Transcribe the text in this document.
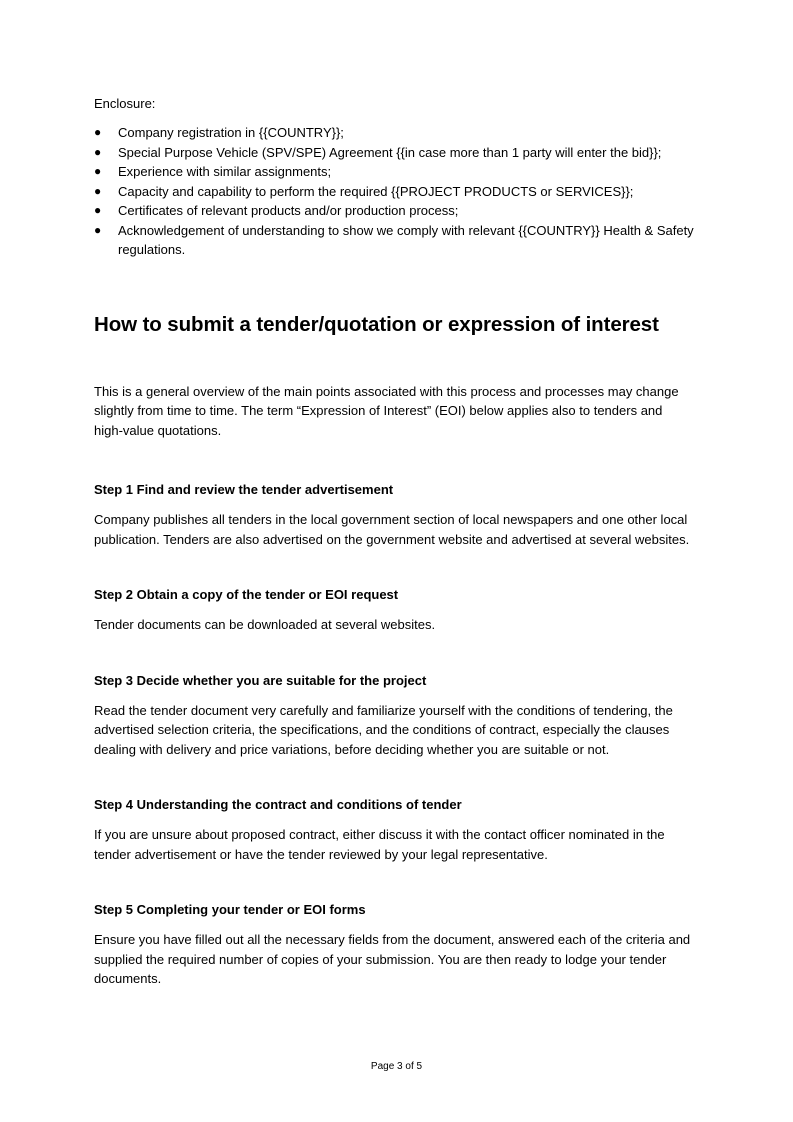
Enclosure:
●	Company registration in {{COUNTRY}};
●	Special Purpose Vehicle (SPV/SPE) Agreement {{in case more than 1 party will enter the bid}};
●	Experience with similar assignments;
●	Capacity and capability to perform the required {{PROJECT PRODUCTS or SERVICES}};
●	Certificates of relevant products and/or production process;
●	Acknowledgement of understanding to show we comply with relevant {{COUNTRY}} Health & Safety regulations.
How to submit a tender/quotation or expression of interest

This is a general overview of the main points associated with this process and processes may change slightly from time to time. The term “Expression of Interest” (EOI) below applies also to tenders and high-value quotations.

Step 1 Find and review the tender advertisement

Company publishes all tenders in the local government section of local newspapers and one other local publication. Tenders are also advertised on the government website and advertised at several websites.

Step 2 Obtain a copy of the tender or EOI request

Tender documents can be downloaded at several websites.

Step 3 Decide whether you are suitable for the project

Read the tender document very carefully and familiarize yourself with the conditions of tendering, the advertised selection criteria, the specifications, and the conditions of contract, especially the clauses dealing with delivery and price variations, before deciding whether you are suitable or not.

Step 4 Understanding the contract and conditions of tender

If you are unsure about proposed contract, either discuss it with the contact officer nominated in the tender advertisement or have the tender reviewed by your legal representative.

Step 5 Completing your tender or EOI forms

Ensure you have filled out all the necessary fields from the document, answered each of the criteria and supplied the required number of copies of your submission. You are then ready to lodge your tender documents.

Page 3 of 5
